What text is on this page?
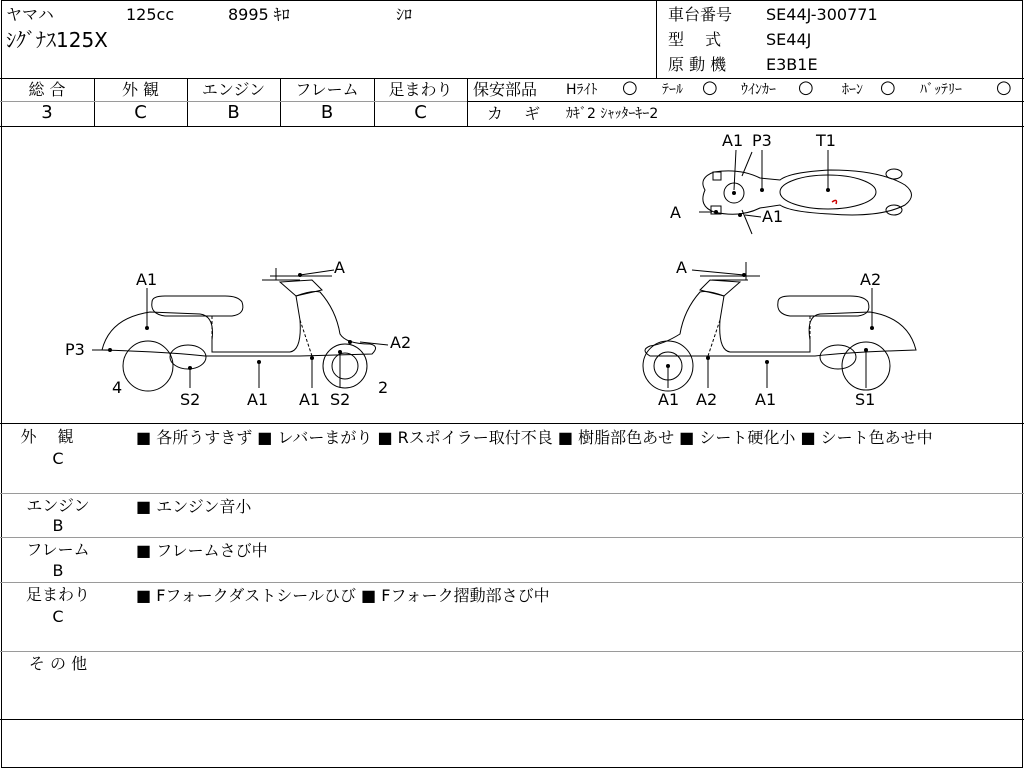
ヤマハ	125cc	8995 ｷﾛ	ｼﾛ
ｼｸﾞﾅｽ125X
車台番号 SE44J-300771
型　 式	SE44J
原 動 機 E3B1E
総 合	外 観	エンジン	フレーム	足まわり
3	C	B	B	C
保安部品 Hﾗｲﾄ ○ ﾃｰﾙ ○ ｳｲﾝｶｰ ○ ﾎｰﾝ ○ ﾊﾞｯﾃﾘｰ ○
カ　 ギ ｶｷﾞ2 ｼｬｯﾀｰｷｰ2
A1 P3	T1
A	A1
A
A1
P3	A2
4	2
S2	A1 A1 S2
A
A2
A1 A2 A1	S1
外　 観
C
■ 各所うすきず ■ レバーまがり ■ Rスポイラー取付不良 ■ 樹脂部色あせ ■ シート硬化小 ■ シート色あせ中
エンジン
B
■ エンジン音小
フレーム
B
■ フレームさび中
足まわり
C
■ Fフォークダストシールひび ■ Fフォーク摺動部さび中
そ の 他
